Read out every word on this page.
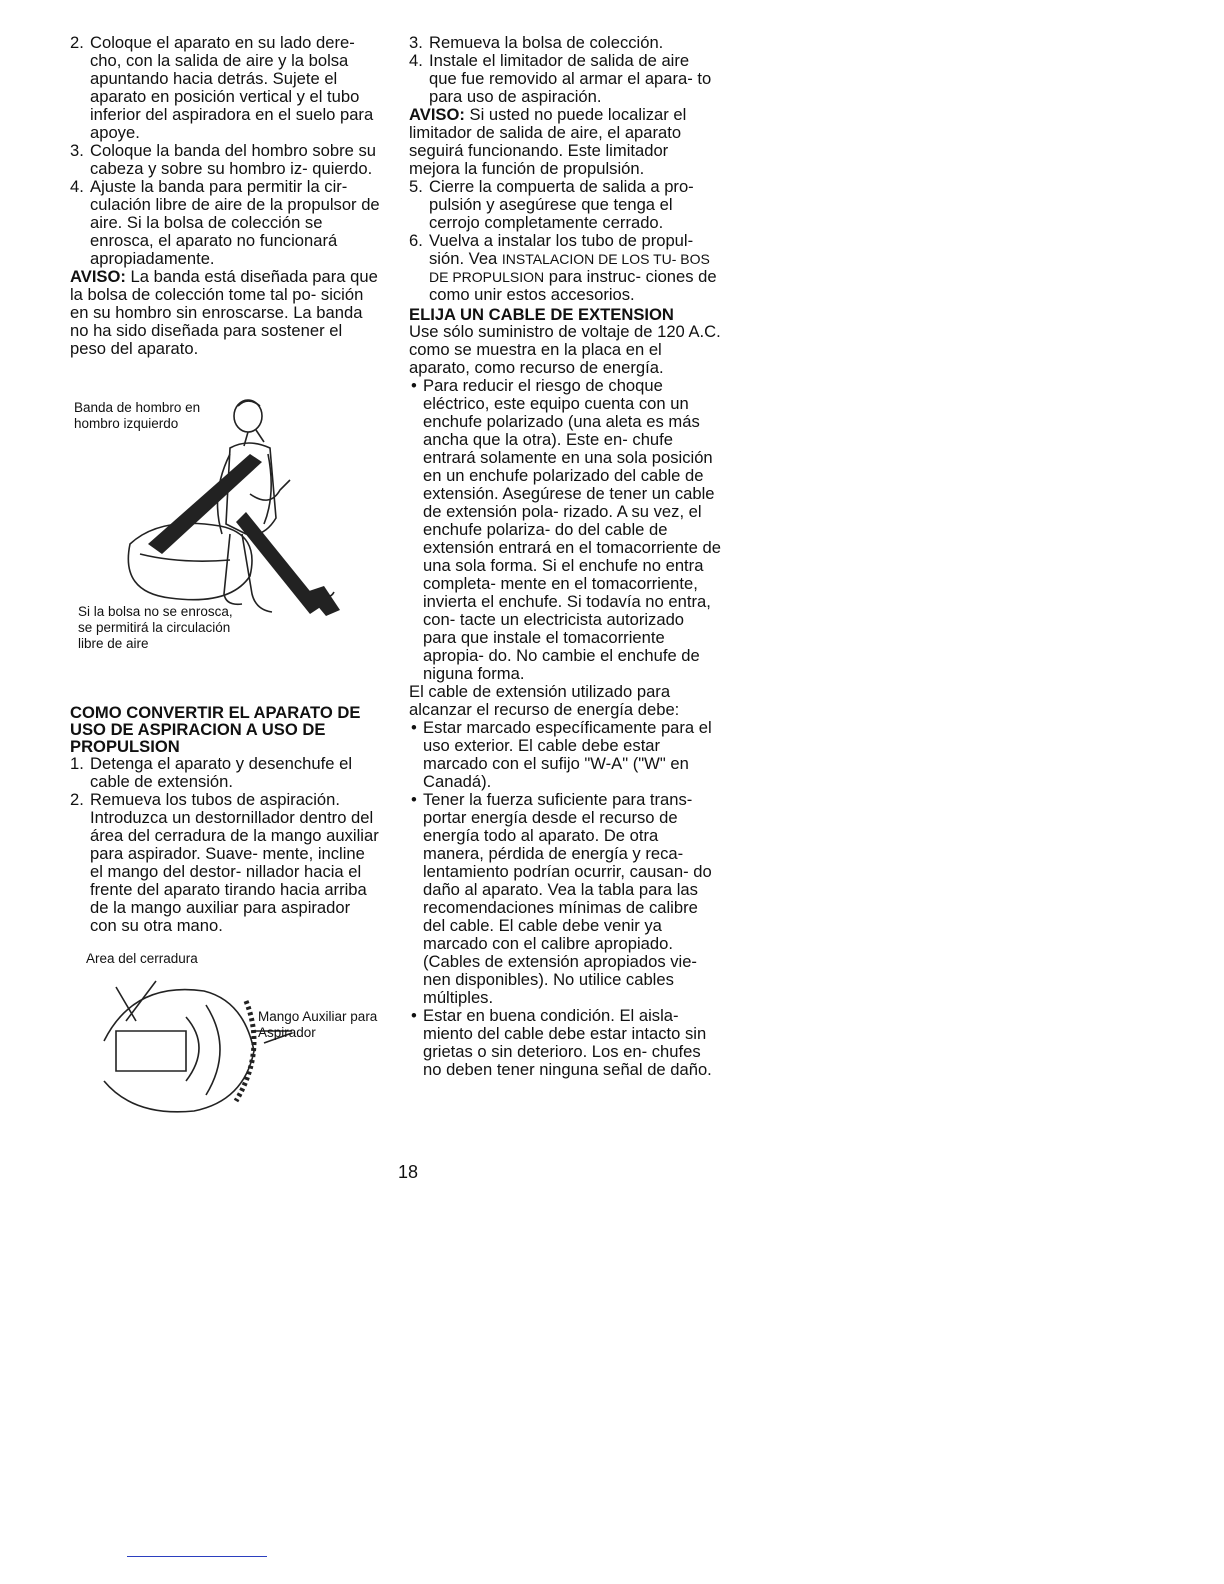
2. Coloque el aparato en su lado dere- cho, con la salida de aire y la bolsa apuntando hacia detrás. Sujete el aparato en posición vertical y el tubo inferior del aspiradora en el suelo para apoye.
3. Coloque la banda del hombro sobre su cabeza y sobre su hombro iz- quierdo.
4. Ajuste la banda para permitir la cir- culación libre de aire de la propulsor de aire. Si la bolsa de colección se enrosca, el aparato no funcionará apropiadamente.

AVISO: La banda está diseñada para que la bolsa de colección tome tal po- sición en su hombro sin enroscarse. La banda no ha sido diseñada para sostener el peso del aparato.

Banda de hombro en hombro izquierdo
Si la bolsa no se enrosca, se permitirá la circulación libre de aire

COMO CONVERTIR EL APARATO DE USO DE ASPIRACION A USO DE PROPULSION

1. Detenga el aparato y desenchufe el cable de extensión.
2. Remueva los tubos de aspiración. Introduzca un destornillador dentro del área del cerradura de la mango auxiliar para aspirador. Suave- mente, incline el mango del destor- nillador hacia el frente del aparato tirando hacia arriba de la mango auxiliar para aspirador con su otra mano.
Area del cerradura
Mango Auxiliar para Aspirador
3. Remueva la bolsa de colección.
4. Instale el limitador de salida de aire que fue removido al armar el apara- to para uso de aspiración.

AVISO: Si usted no puede localizar el limitador de salida de aire, el aparato seguirá funcionando. Este limitador mejora la función de propulsión.

5. Cierre la compuerta de salida a pro- pulsión y asegúrese que tenga el cerrojo completamente cerrado.
6. Vuelva a instalar los tubo de propul- sión. Vea INSTALACION DE LOS TU- BOS DE PROPULSION para instruc- ciones de como unir estos accesorios.

ELIJA UN CABLE DE EXTENSION

Use sólo suministro de voltaje de 120 A.C. como se muestra en la placa en el aparato, como recurso de energía.

• Para reducir el riesgo de choque eléctrico, este equipo cuenta con un enchufe polarizado (una aleta es más ancha que la otra). Este en- chufe entrará solamente en una sola posición en un enchufe polarizado del cable de extensión. Asegúrese de tener un cable de extensión pola- rizado. A su vez, el enchufe polariza- do del cable de extensión entrará en el tomacorriente de una sola forma. Si el enchufe no entra completa- mente en el tomacorriente, invierta el enchufe. Si todavía no entra, con- tacte un electricista autorizado para que instale el tomacorriente apropia- do. No cambie el enchufe de niguna forma.

El cable de extensión utilizado para alcanzar el recurso de energía debe:

• Estar marcado específicamente para el uso exterior. El cable debe estar marcado con el sufijo "W-A" ("W" en Canadá).
• Tener la fuerza suficiente para trans- portar energía desde el recurso de energía todo al aparato. De otra manera, pérdida de energía y reca- lentamiento podrían ocurrir, causan- do daño al aparato. Vea la tabla para las recomendaciones mínimas de calibre del cable. El cable debe venir ya marcado con el calibre apropiado. (Cables de extensión apropiados vie- nen disponibles). No utilice cables múltiples.
• Estar en buena condición. El aisla- miento del cable debe estar intacto sin grietas o sin deterioro. Los en- chufes no deben tener ninguna señal de daño.
18
